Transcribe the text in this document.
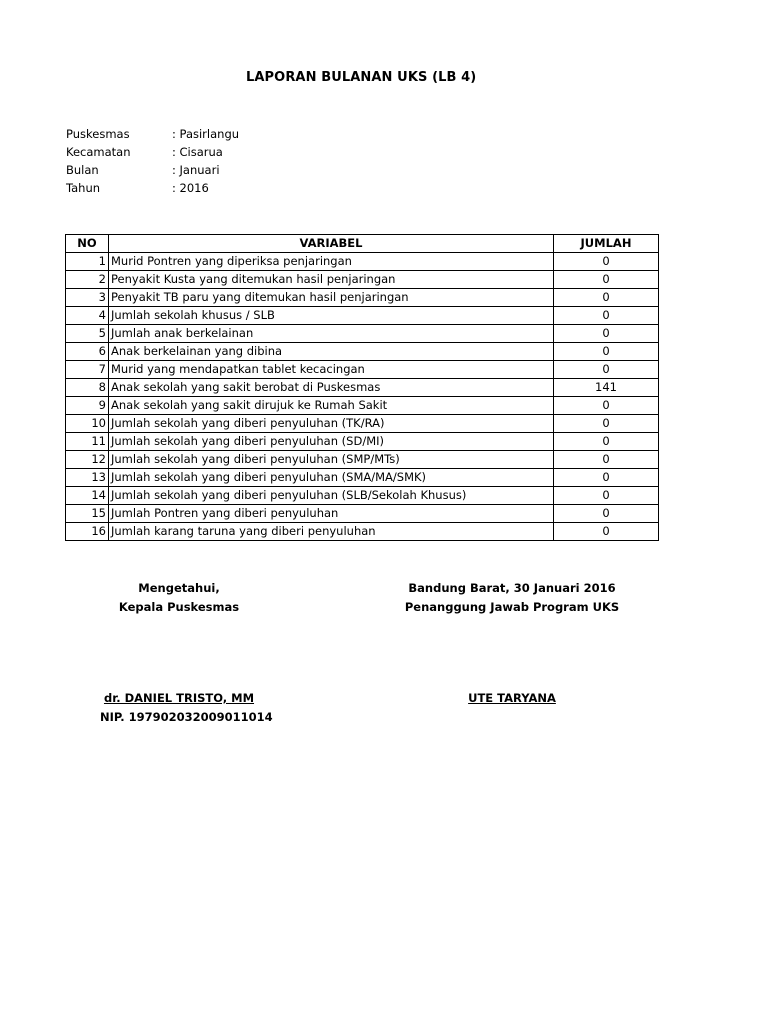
LAPORAN BULANAN UKS (LB 4)
Puskesmas	: Pasirlangu
Kecamatan	: Cisarua
Bulan	: Januari
Tahun	: 2016
NO	VARIABEL	JUMLAH
1	Murid Pontren yang diperiksa penjaringan	0
2	Penyakit Kusta yang ditemukan hasil penjaringan	0
3	Penyakit TB paru yang ditemukan hasil penjaringan	0
4	Jumlah sekolah khusus / SLB	0
5	Jumlah anak berkelainan	0
6	Anak berkelainan yang dibina	0
7	Murid yang mendapatkan tablet kecacingan	0
8	Anak sekolah yang sakit berobat di Puskesmas	141
9	Anak sekolah yang sakit dirujuk ke Rumah Sakit	0
10	Jumlah sekolah yang diberi penyuluhan (TK/RA)	0
11	Jumlah sekolah yang diberi penyuluhan (SD/MI)	0
12	Jumlah sekolah yang diberi penyuluhan (SMP/MTs)	0
13	Jumlah sekolah yang diberi penyuluhan (SMA/MA/SMK)	0
14	Jumlah sekolah yang diberi penyuluhan (SLB/Sekolah Khusus)	0
15	Jumlah Pontren yang diberi penyuluhan	0
16	Jumlah karang taruna yang diberi penyuluhan	0
Mengetahui,
Kepala Puskesmas
dr. DANIEL TRISTO, MM
NIP. 197902032009011014
Bandung Barat, 30 Januari 2016
Penanggung Jawab Program UKS
UTE TARYANA
